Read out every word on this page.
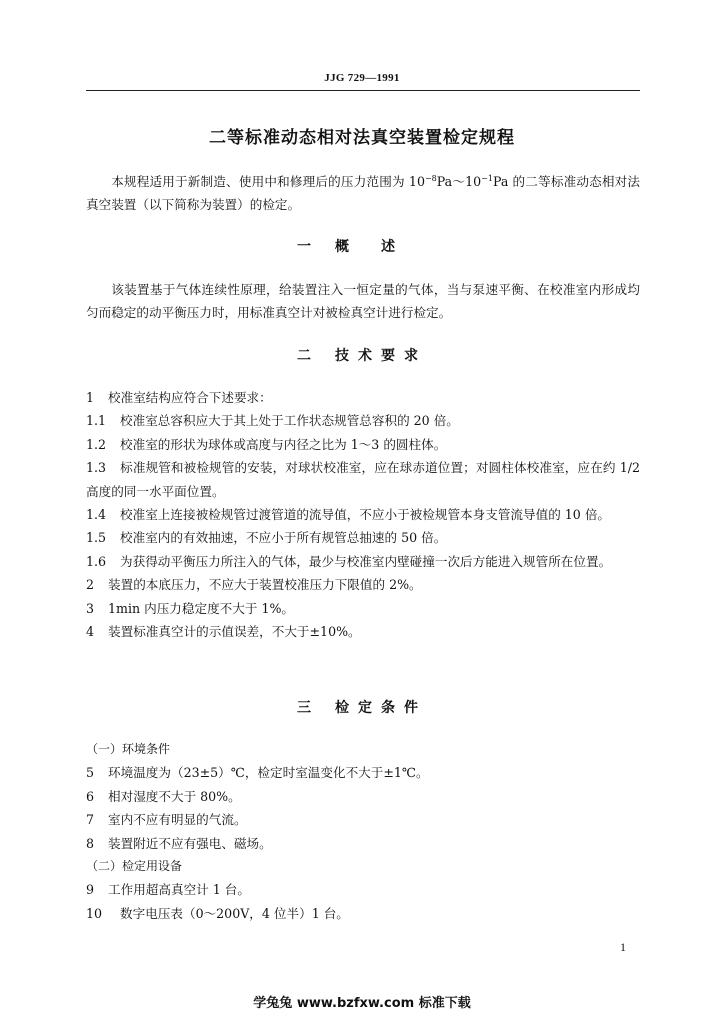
JJG 729—1991
二等标准动态相对法真空装置检定规程
本规程适用于新制造、使用中和修理后的压力范围为 $10^{-8}Pa\sim 10^{-1}Pa$ 的二等标准动态相对法真空装置（以下简称为装置）的检定。
一 概述
该装置基于气体连续性原理，给装置注入一恒定量的气体，当与泵速平衡、在校准室内形成均匀而稳定的动平衡压力时，用标准真空计对被检真空计进行检定。
二 技术要求
1	校准室结构应符合下述要求：
1.1	校准室总容积应大于其上处于工作状态规管总容积的 20 倍。
1.2	校准室的形状为球体或高度与内径之比为 1～3 的圆柱体。
1.3 标准规管和被检规管的安装，对球状校准室，应在球赤道位置；对圆柱体校准室，应在约 1/2 高度的同一水平面位置。
1.4 校准室上连接被检规管过渡管道的流导值，不应小于被检规管本身支管流导值的 10 倍。
1.5	校准室内的有效抽速，不应小于所有规管总抽速的 50 倍。
1.6 为获得动平衡压力所注入的气体，最少与校准室内壁碰撞一次后方能进入规管所在位置。
2	装置的本底压力，不应大于装置校准压力下限值的 2%。
3	1min 内压力稳定度不大于 1%。
4	装置标准真空计的示值误差，不大于±10%。
三 检定条件
（一）环境条件
5	环境温度为（23±5）℃，检定时室温变化不大于±1℃。
6	相对湿度不大于 80%。
7	室内不应有明显的气流。
8	装置附近不应有强电、磁场。
（二）检定用设备
9	工作用超高真空计 1 台。
10	数字电压表（0～200V，4 位半）1 台。
1
学兔兔 www.bzfxw.com 标准下载
